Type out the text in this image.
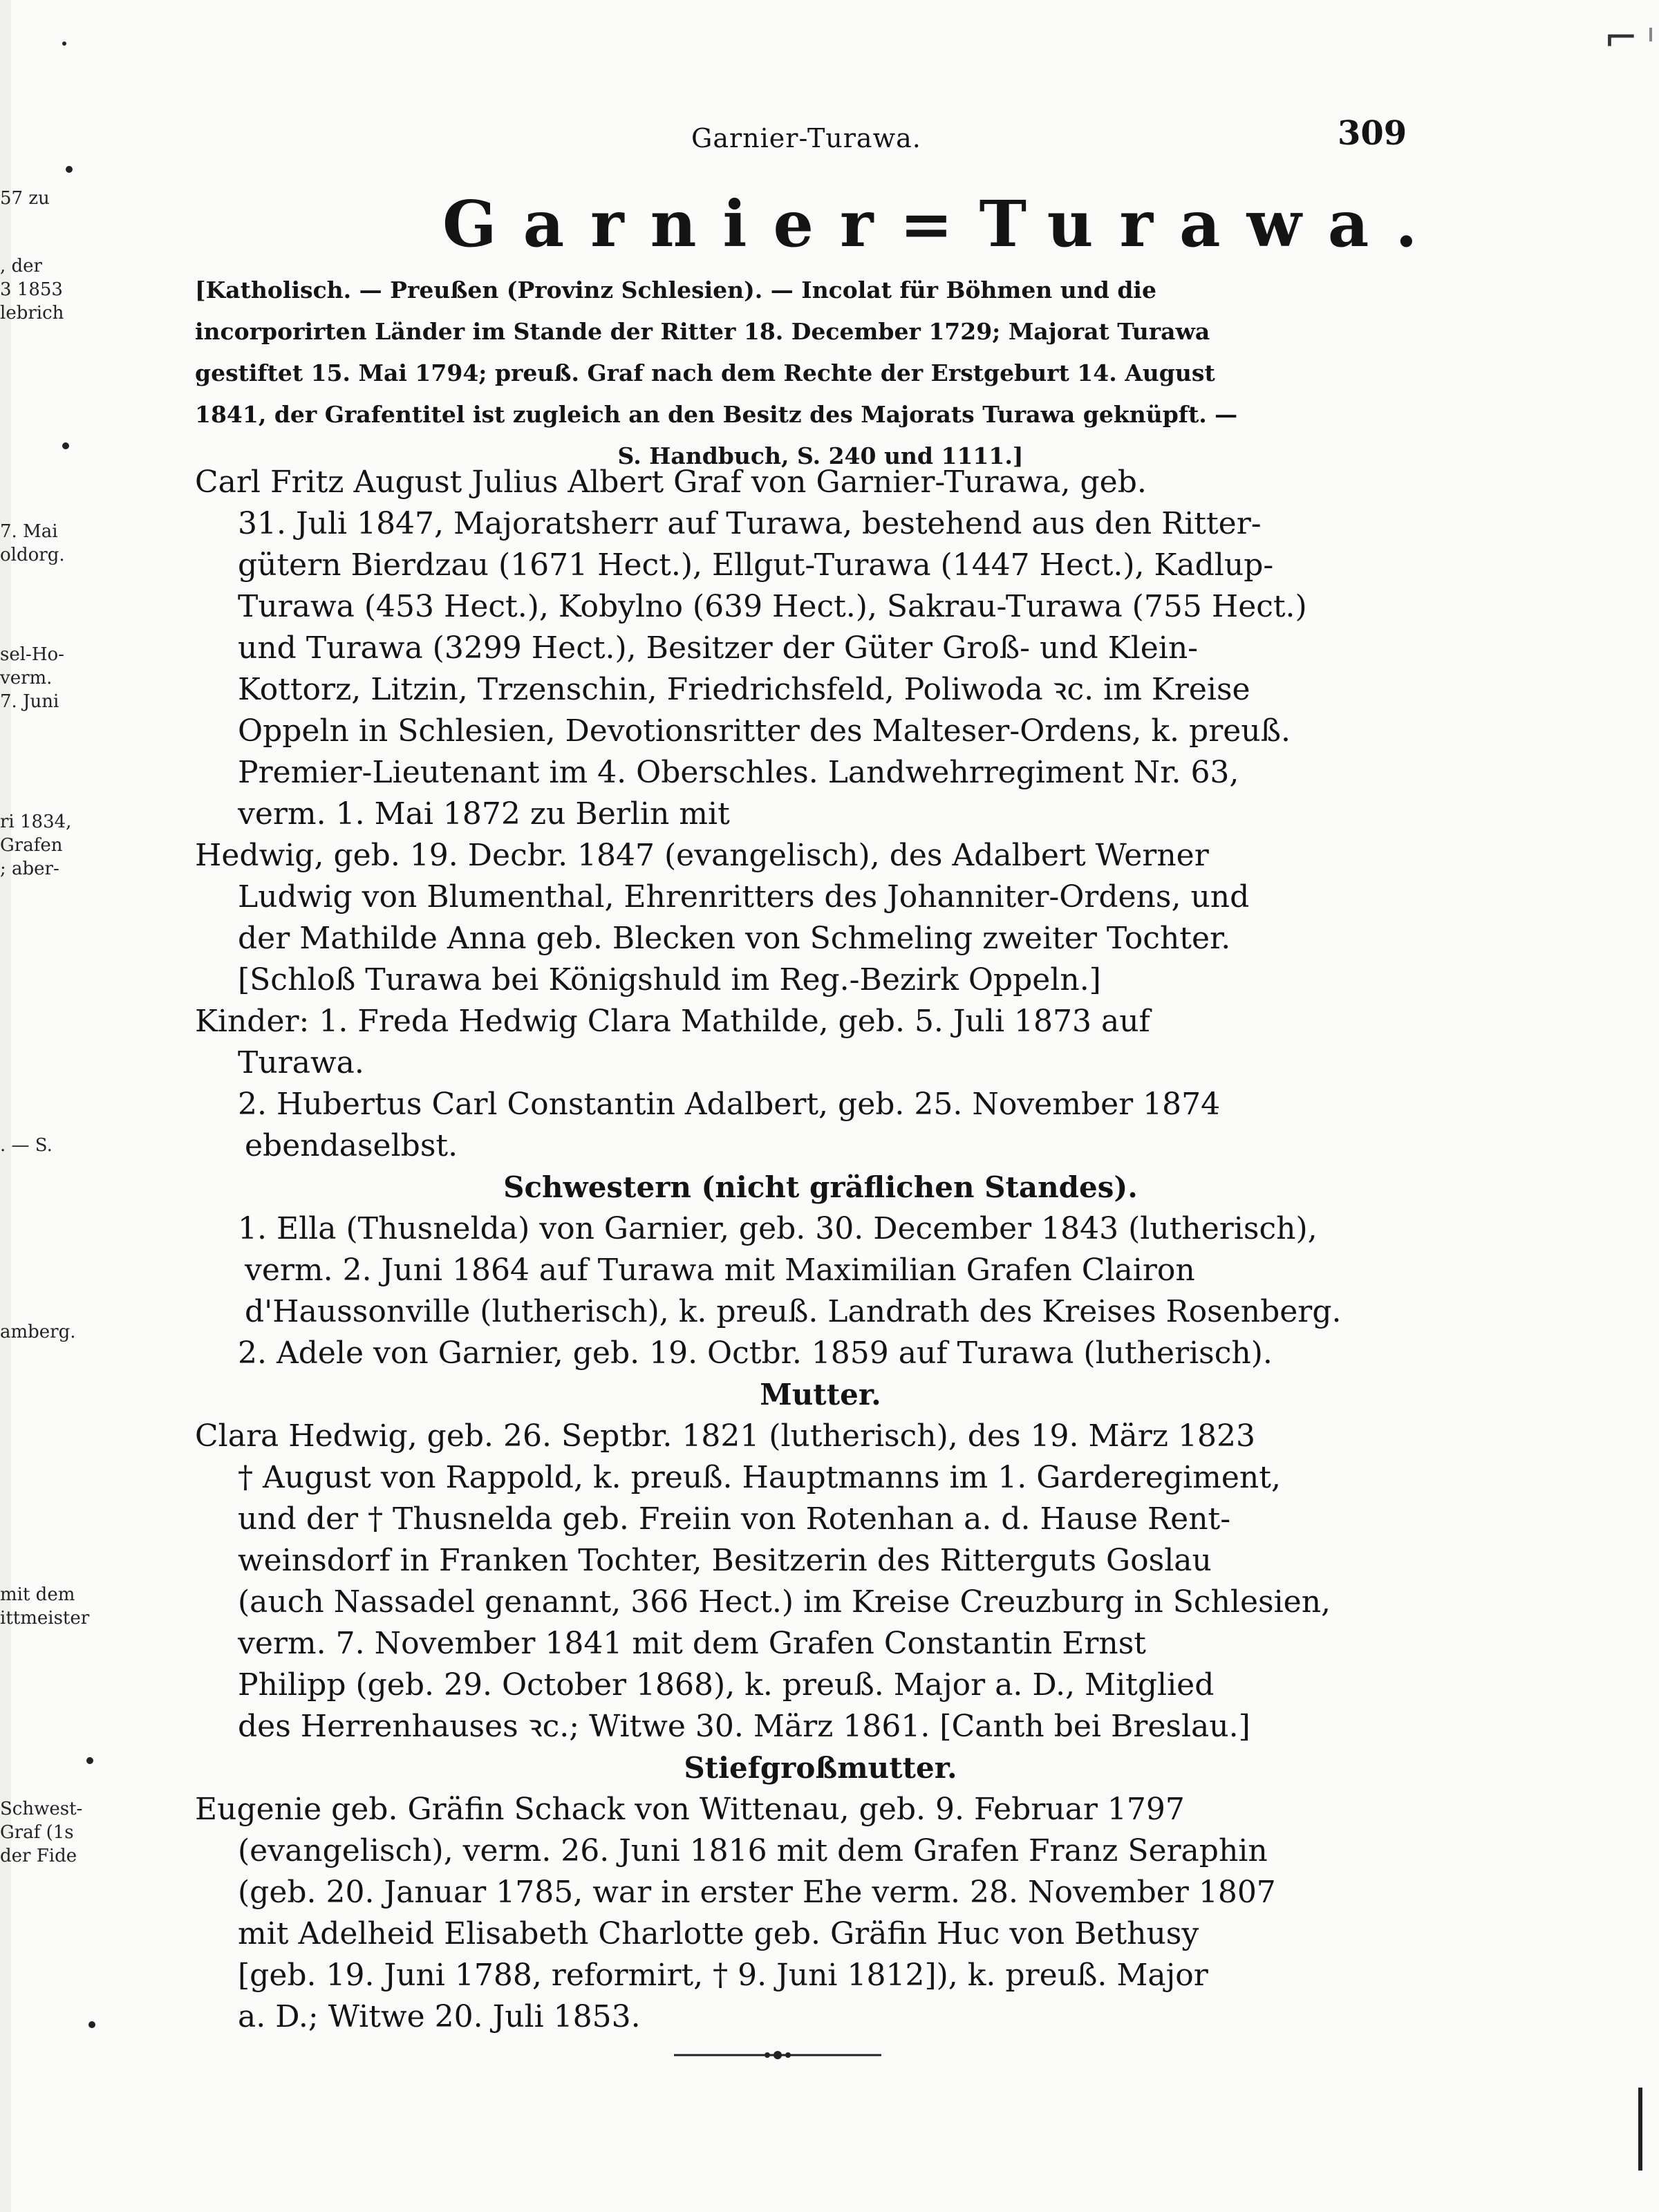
⌐
57 zu
, der
3 1853
lebrich
7. Mai
oldorg.
sel-Ho-
verm.
7. Juni
ri 1834,
Grafen
; aber-
. — S.
amberg.
mit dem
ittmeister
Schwest-
Graf (1s
der Fide
Garnier-Turawa.	309
Garnier=Turawa.
[Katholisch. — Preußen (Provinz Schlesien). — Incolat für Böhmen und die
incorporirten Länder im Stande der Ritter 18. December 1729; Majorat Turawa
gestiftet 15. Mai 1794; preuß. Graf nach dem Rechte der Erstgeburt 14. August
1841, der Grafentitel ist zugleich an den Besitz des Majorats Turawa geknüpft. —
S. Handbuch, S. 240 und 1111.]
Carl Fritz August Julius Albert Graf von Garnier-Turawa, geb.
31. Juli 1847, Majoratsherr auf Turawa, bestehend aus den Ritter-
gütern Bierdzau (1671 Hect.), Ellgut-Turawa (1447 Hect.), Kadlup-
Turawa (453 Hect.), Kobylno (639 Hect.), Sakrau-Turawa (755 Hect.)
und Turawa (3299 Hect.), Besitzer der Güter Groß- und Klein-
Kottorz, Litzin, Trzenschin, Friedrichsfeld, Poliwoda ꝛc. im Kreise
Oppeln in Schlesien, Devotionsritter des Malteser-Ordens, k. preuß.
Premier-Lieutenant im 4. Oberschles. Landwehrregiment Nr. 63,
verm. 1. Mai 1872 zu Berlin mit
Hedwig, geb. 19. Decbr. 1847 (evangelisch), des Adalbert Werner
Ludwig von Blumenthal, Ehrenritters des Johanniter-Ordens, und
der Mathilde Anna geb. Blecken von Schmeling zweiter Tochter.
[Schloß Turawa bei Königshuld im Reg.-Bezirk Oppeln.]
Kinder: 1. Freda Hedwig Clara Mathilde, geb. 5. Juli 1873 auf
Turawa.
2. Hubertus Carl Constantin Adalbert, geb. 25. November 1874
ebendaselbst.
Schwestern (nicht gräflichen Standes).
1. Ella (Thusnelda) von Garnier, geb. 30. December 1843 (lutherisch),
verm. 2. Juni 1864 auf Turawa mit Maximilian Grafen Clairon
d'Haussonville (lutherisch), k. preuß. Landrath des Kreises Rosenberg.
2. Adele von Garnier, geb. 19. Octbr. 1859 auf Turawa (lutherisch).
Mutter.
Clara Hedwig, geb. 26. Septbr. 1821 (lutherisch), des 19. März 1823
† August von Rappold, k. preuß. Hauptmanns im 1. Garderegiment,
und der † Thusnelda geb. Freiin von Rotenhan a. d. Hause Rent-
weinsdorf in Franken Tochter, Besitzerin des Ritterguts Goslau
(auch Nassadel genannt, 366 Hect.) im Kreise Creuzburg in Schlesien,
verm. 7. November 1841 mit dem Grafen Constantin Ernst
Philipp (geb. 29. October 1868), k. preuß. Major a. D., Mitglied
des Herrenhauses ꝛc.; Witwe 30. März 1861. [Canth bei Breslau.]
Stiefgroßmutter.
Eugenie geb. Gräfin Schack von Wittenau, geb. 9. Februar 1797
(evangelisch), verm. 26. Juni 1816 mit dem Grafen Franz Seraphin
(geb. 20. Januar 1785, war in erster Ehe verm. 28. November 1807
mit Adelheid Elisabeth Charlotte geb. Gräfin Huc von Bethusy
[geb. 19. Juni 1788, reformirt, † 9. Juni 1812]), k. preuß. Major
a. D.; Witwe 20. Juli 1853.
